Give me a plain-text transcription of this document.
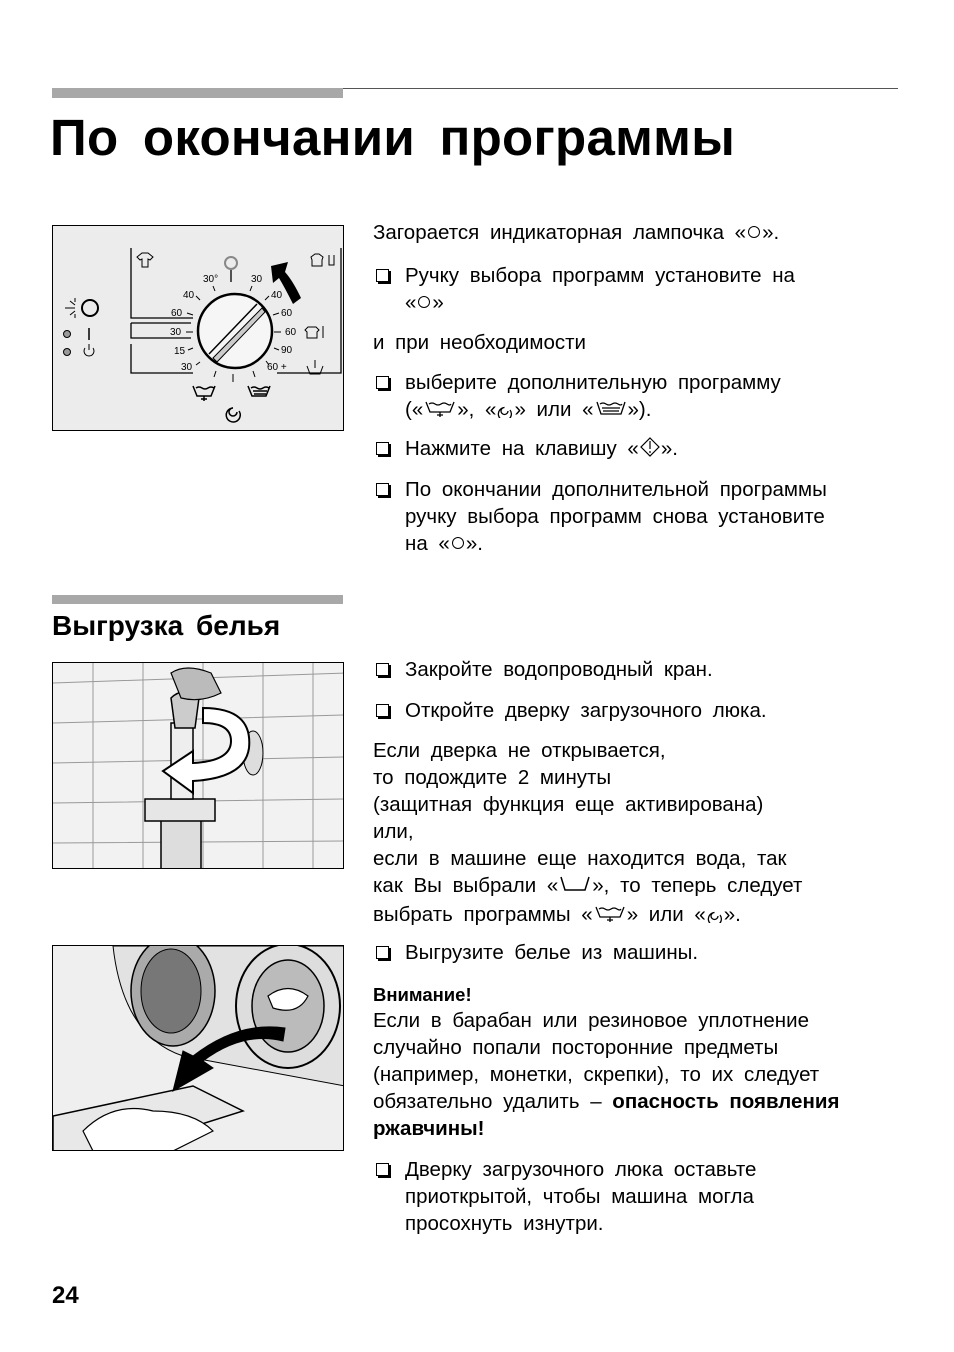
По окончании программы
30°
40
60
30
15
30
30
40
60
60
90
60 +
Загорается индикаторная лампочка « ».
Ручку выбора программ установите на
« »
и при необходимости
выберите дополнительную программу
(« », « » или « »).
Нажмите на клавишу « ».
По окончании дополнительной программы
ручку выбора программ снова установите
на « ».
Выгрузка белья
Закройте водопроводный кран.
Откройте дверку загрузочного люка.
Если дверка не открывается,
то подождите 2 минуты
(защитная функция еще активирована)
или,
если в машине еще находится вода, так
как Вы выбрали « », то теперь следует
выбрать программы « » или « ».
Выгрузите белье из машины.
Внимание!
Если в барабан или резиновое уплотнение
случайно попали посторонние предметы
(например, монетки, скрепки), то их следует
обязательно удалить – опасность появления
ржавчины!
Дверку загрузочного люка оставьте
приоткрытой, чтобы машина могла
просохнуть изнутри.
24
